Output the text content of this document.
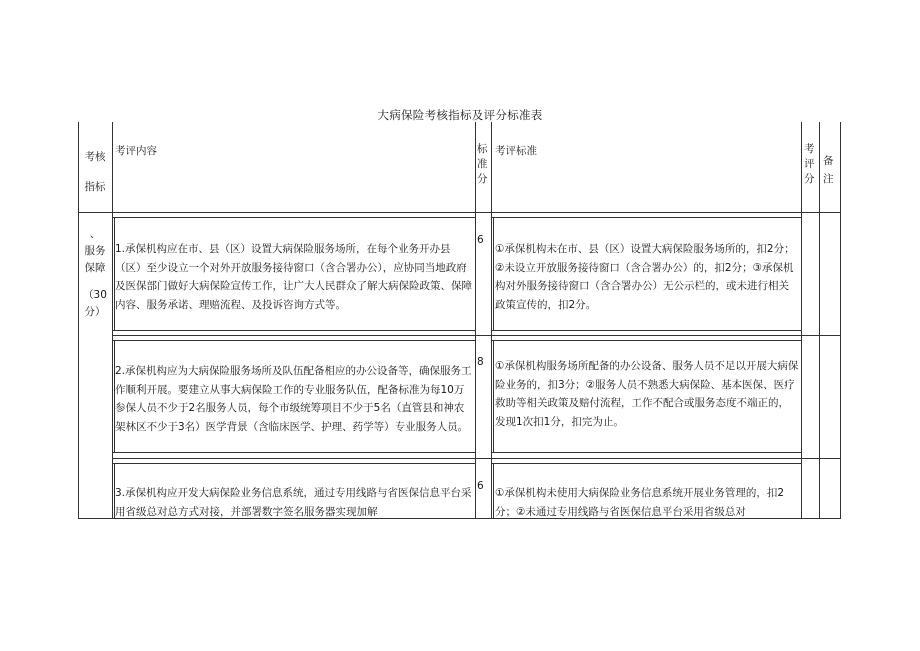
大病保险考核指标及评分标准表
考核
指标
考评内容	标
准
分
考评标准	考
评
分
备
注
、
服务
保障
（30
分）
1.承保机构应在市、县（区）设置大病保险服务场所，在每个业务开办县（区）至少设立一个对外开放服务接待窗口（含合署办公），应协同当地政府及医保部门做好大病保险宣传工作，让广大人民群众了解大病保险政策、保障内容、服务承诺、理赔流程、及投诉咨询方式等。
6
①承保机构未在市、县（区）设置大病保险服务场所的，扣2分；②未设立开放服务接待窗口（含合署办公）的，扣2分；③承保机构对外服务接待窗口（含合署办公）无公示栏的，或未进行相关政策宣传的，扣2分。
2.承保机构应为大病保险服务场所及队伍配备相应的办公设备等，确保服务工作顺利开展。要建立从事大病保险工作的专业服务队伍，配备标准为每10万参保人员不少于2名服务人员，每个市级统筹项目不少于5名（直管县和神农架林区不少于3名）医学背景（含临床医学、护理、药学等）专业服务人员。
8 ①承保机构服务场所配备的办公设备、服务人员不足以开展大病保险业务的，扣3分；②服务人员不熟悉大病保险、基本医保、医疗救助等相关政策及赔付流程，工作不配合或服务态度不端正的，发现1次扣1分，扣完为止。
3.承保机构应开发大病保险业务信息系统，通过专用线路与省医保信息平台采用省级总对总方式对接，并部署数字签名服务器实现加解
6
①承保机构未使用大病保险业务信息系统开展业务管理的，扣2分；②未通过专用线路与省医保信息平台采用省级总对
